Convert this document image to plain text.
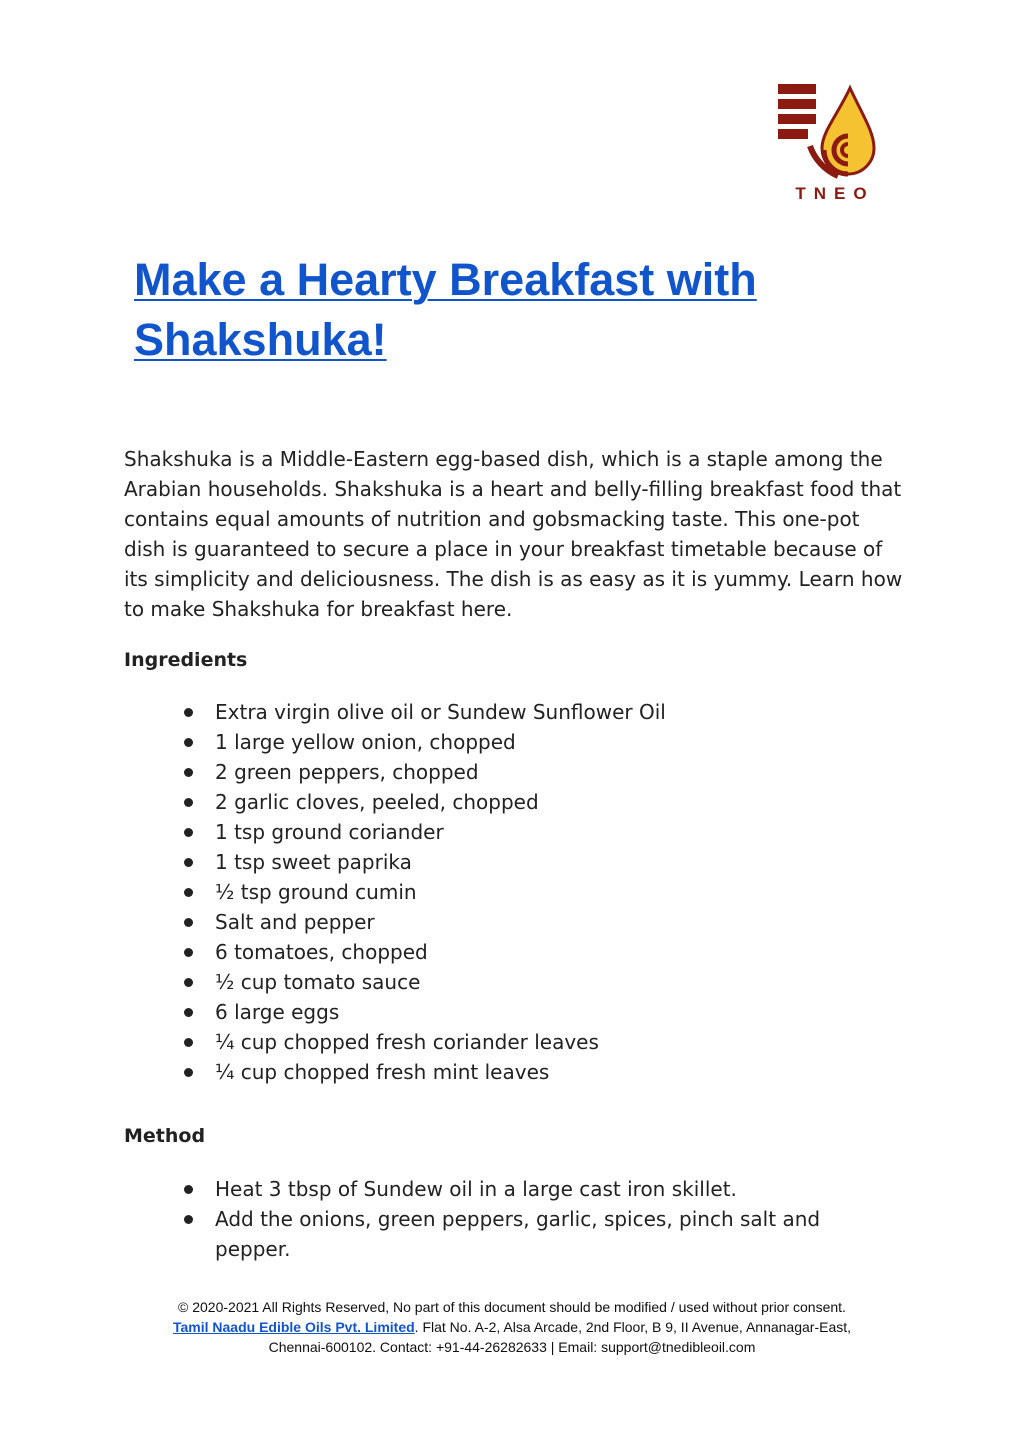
TNEO
Make a Hearty Breakfast with Shakshuka!

Shakshuka is a Middle-Eastern egg-based dish, which is a staple among the Arabian households. Shakshuka is a heart and belly-filling breakfast food that contains equal amounts of nutrition and gobsmacking taste. This one-pot dish is guaranteed to secure a place in your breakfast timetable because of its simplicity and deliciousness. The dish is as easy as it is yummy. Learn how to make Shakshuka for breakfast here.

Ingredients
Extra virgin olive oil or Sundew Sunflower Oil
1 large yellow onion, chopped
2 green peppers, chopped
2 garlic cloves, peeled, chopped
1 tsp ground coriander
1 tsp sweet paprika
½ tsp ground cumin
Salt and pepper
6 tomatoes, chopped
½ cup tomato sauce
6 large eggs
¼ cup chopped fresh coriander leaves
¼ cup chopped fresh mint leaves
Method
Heat 3 tbsp of Sundew oil in a large cast iron skillet.
Add the onions, green peppers, garlic, spices, pinch salt and pepper.
© 2020-2021 All Rights Reserved, No part of this document should be modified / used without prior consent.
Tamil Naadu Edible Oils Pvt. Limited. Flat No. A-2, Alsa Arcade, 2nd Floor, B 9, II Avenue, Annanagar-East,
Chennai-600102. Contact: +91-44-26282633 | Email: support@tnedibleoil.com
